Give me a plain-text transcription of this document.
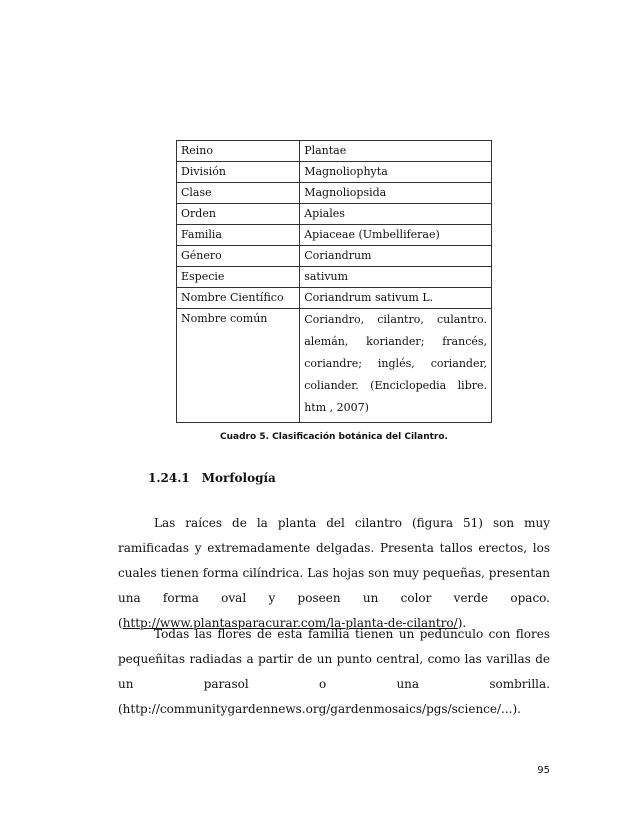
Reino	Plantae
División	Magnoliophyta
Clase	Magnoliopsida
Orden	Apiales
Familia	Apiaceae (Umbelliferae)
Género	Coriandrum
Especie	sativum
Nombre Científico	Coriandrum sativum L.
Nombre común	Coriandro, cilantro, culantro.
alemán, koriander; francés,
coriandre; inglés, coriander,
coliander. (Enciclopedia libre.
htm , 2007)
Cuadro 5. Clasificación botánica del Cilantro.
1.24.1 Morfología
Las raíces de la planta del cilantro (figura 51) son muy ramificadas y extremadamente delgadas. Presenta tallos erectos, los cuales tienen forma cilíndrica. Las hojas son muy pequeñas, presentan una forma oval y poseen un color verde opaco. (http://www.plantasparacurar.com/la-planta-de-cilantro/).
Todas las flores de esta familia tienen un pedúnculo con flores pequeñitas radiadas a partir de un punto central, como las varillas de un parasol o una sombrilla. (http://communitygardennews.org/gardenmosaics/pgs/science/...).
95
